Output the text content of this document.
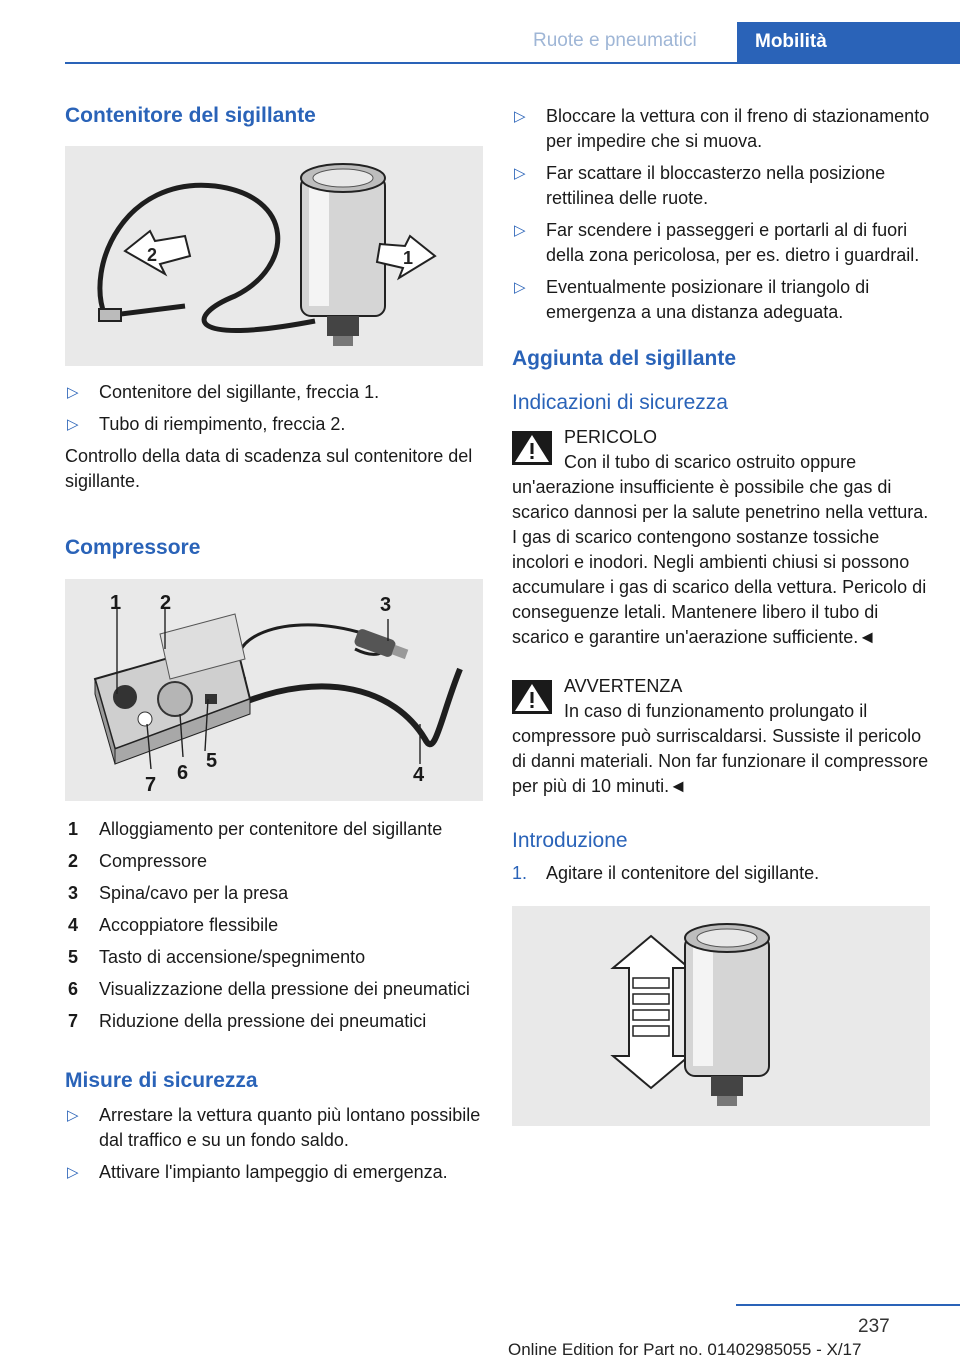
Ruote e pneumatici	Mobilità
Contenitore del sigillante
2	1
▷ Contenitore del sigillante, freccia 1.
▷ Tubo di riempimento, freccia 2.

Controllo della data di scadenza sul contenitore del sigillante.

Compressore
1 2	3
4
5
6
7
1 Alloggiamento per contenitore del sigillante
2 Compressore
3 Spina/cavo per la presa
4 Accoppiatore flessibile
5 Tasto di accensione/spegnimento
6 Visualizzazione della pressione dei pneumatici
7 Riduzione della pressione dei pneumatici
Misure di sicurezza
▷ Arrestare la vettura quanto più lontano possibile dal traffico e su un fondo saldo.
▷ Attivare l'impianto lampeggio di emergenza.
▷ Bloccare la vettura con il freno di stazionamento per impedire che si muova.
▷ Far scattare il bloccasterzo nella posizione rettilinea delle ruote.
▷ Far scendere i passeggeri e portarli al di fuori della zona pericolosa, per es. dietro i guardrail.
▷ Eventualmente posizionare il triangolo di emergenza a una distanza adeguata.
Aggiunta del sigillante
Indicazioni di sicurezza
PERICOLO

Con il tubo di scarico ostruito oppure un'aerazione insufficiente è possibile che gas di scarico dannosi per la salute penetrino nella vettura. I gas di scarico contengono sostanze tossiche incolori e inodori. Negli ambienti chiusi si possono accumulare i gas di scarico della vettura. Pericolo di conseguenze letali. Mantenere libero il tubo di scarico e garantire un'aerazione sufficiente.◄

AVVERTENZA

In caso di funzionamento prolungato il compressore può surriscaldarsi. Sussiste il pericolo di danni materiali. Non far funzionare il compressore per più di 10 minuti.◄

Introduzione
1. Agitare il contenitore del sigillante.
237
Online Edition for Part no. 01402985055 - X/17
